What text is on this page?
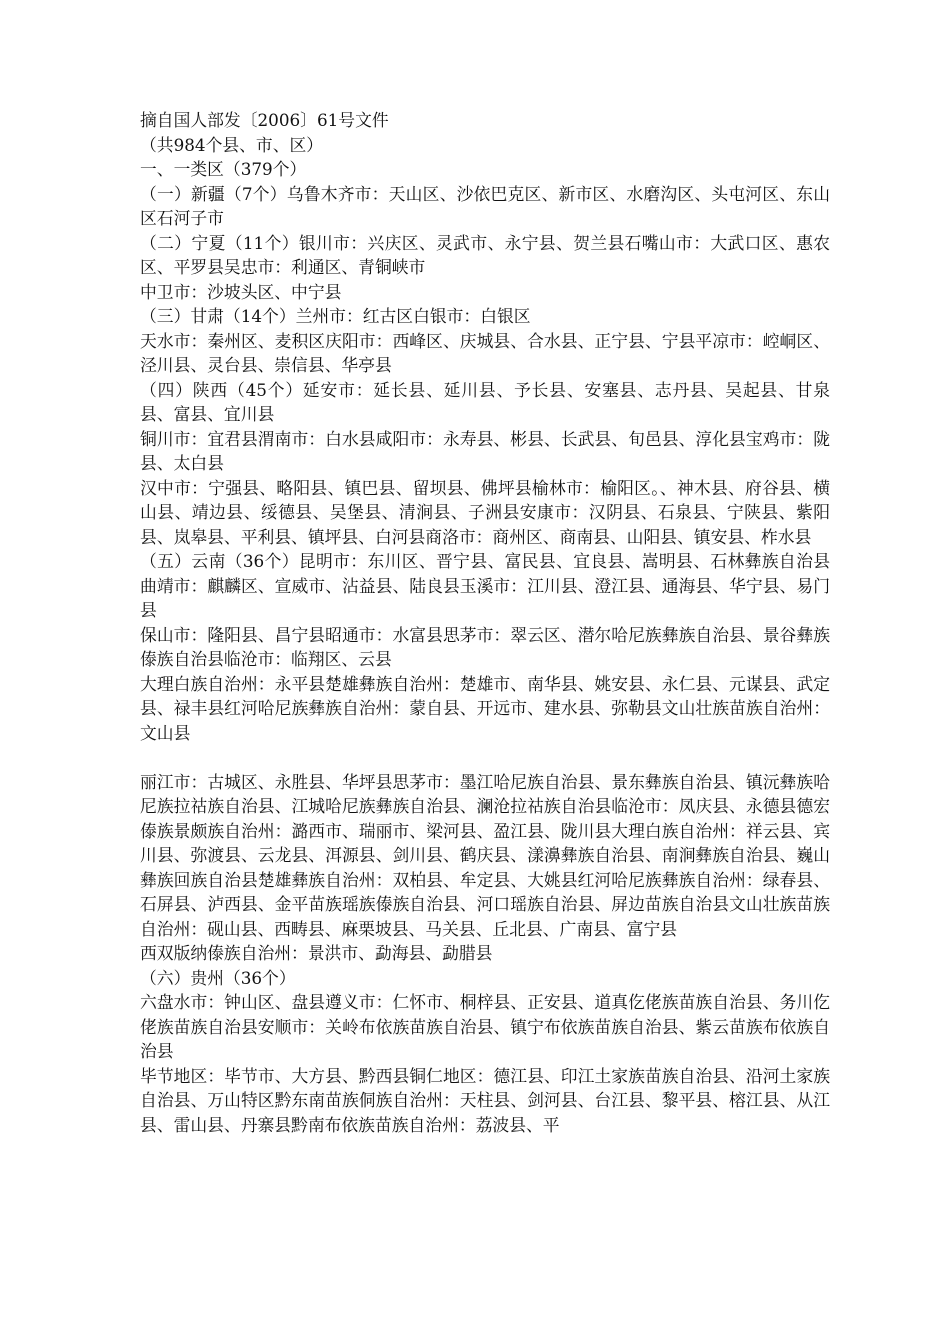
摘自国人部发〔2006〕61号文件

（共984个县、市、区）

一、一类区（379个）

（一）新疆（7个）乌鲁木齐市：天山区、沙依巴克区、新市区、水磨沟区、头屯河区、东山区石河子市

（二）宁夏（11个）银川市：兴庆区、灵武市、永宁县、贺兰县石嘴山市：大武口区、惠农区、平罗县吴忠市：利通区、青铜峡市

中卫市：沙坡头区、中宁县

（三）甘肃（14个）兰州市：红古区白银市：白银区

天水市：秦州区、麦积区庆阳市：西峰区、庆城县、合水县、正宁县、宁县平凉市：崆峒区、泾川县、灵台县、崇信县、华亭县

（四）陕西（45个）延安市：延长县、延川县、予长县、安塞县、志丹县、吴起县、甘泉县、富县、宜川县

铜川市：宜君县渭南市：白水县咸阳市：永寿县、彬县、长武县、旬邑县、淳化县宝鸡市：陇县、太白县

汉中市：宁强县、略阳县、镇巴县、留坝县、佛坪县榆林市：榆阳区。、神木县、府谷县、横山县、靖边县、绥德县、吴堡县、清涧县、子洲县安康市：汉阴县、石泉县、宁陕县、紫阳县、岚皋县、平利县、镇坪县、白河县商洛市：商州区、商南县、山阳县、镇安县、柞水县

（五）云南（36个）昆明市：东川区、晋宁县、富民县、宜良县、嵩明县、石林彝族自治县曲靖市：麒麟区、宣威市、沾益县、陆良县玉溪市：江川县、澄江县、通海县、华宁县、易门县

保山市：隆阳县、昌宁县昭通市：水富县思茅市：翠云区、潜尔哈尼族彝族自治县、景谷彝族傣族自治县临沧市：临翔区、云县

大理白族自治州：永平县楚雄彝族自治州：楚雄市、南华县、姚安县、永仁县、元谋县、武定县、禄丰县红河哈尼族彝族自治州：蒙自县、开远市、建水县、弥勒县文山壮族苗族自治州：文山县

丽江市：古城区、永胜县、华坪县思茅市：墨江哈尼族自治县、景东彝族自治县、镇沅彝族哈尼族拉祜族自治县、江城哈尼族彝族自治县、澜沧拉祜族自治县临沧市：凤庆县、永德县德宏傣族景颇族自治州：潞西市、瑞丽市、梁河县、盈江县、陇川县大理白族自治州：祥云县、宾川县、弥渡县、云龙县、洱源县、剑川县、鹤庆县、漾濞彝族自治县、南涧彝族自治县、巍山彝族回族自治县楚雄彝族自治州：双柏县、牟定县、大姚县红河哈尼族彝族自治州：绿春县、石屏县、泸西县、金平苗族瑶族傣族自治县、河口瑶族自治县、屏边苗族自治县文山壮族苗族自治州：砚山县、西畴县、麻栗坡县、马关县、丘北县、广南县、富宁县

西双版纳傣族自治州：景洪市、勐海县、勐腊县

（六）贵州（36个）

六盘水市：钟山区、盘县遵义市：仁怀市、桐梓县、正安县、道真仡佬族苗族自治县、务川仡佬族苗族自治县安顺市：关岭布依族苗族自治县、镇宁布依族苗族自治县、紫云苗族布依族自治县

毕节地区：毕节市、大方县、黔西县铜仁地区：德江县、印江土家族苗族自治县、沿河土家族自治县、万山特区黔东南苗族侗族自治州：天柱县、剑河县、台江县、黎平县、榕江县、从江县、雷山县、丹寨县黔南布依族苗族自治州：荔波县、平
